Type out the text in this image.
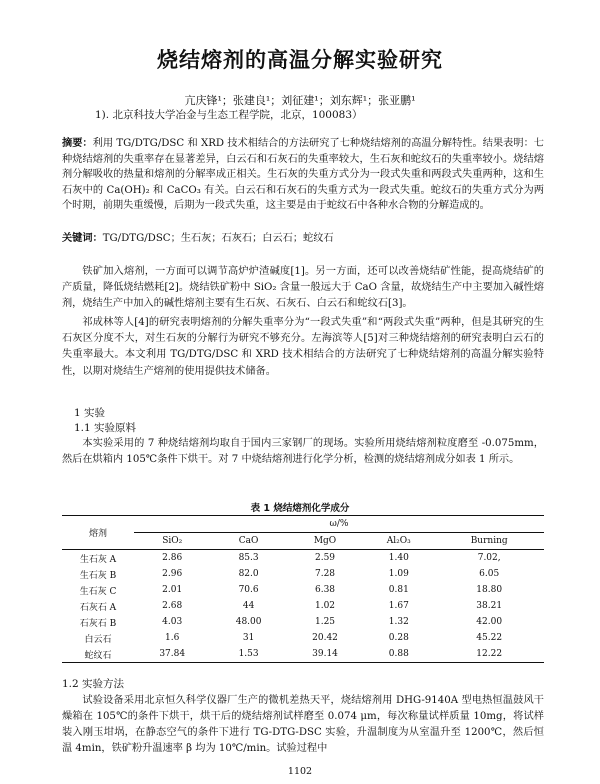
烧结熔剂的高温分解实验研究
亢庆锋¹；张建良¹；刘征建¹；刘东辉¹；张亚鹏¹
1). 北京科技大学冶金与生态工程学院，北京，100083）
摘要：利用 TG/DTG/DSC 和 XRD 技术相结合的方法研究了七种烧结熔剂的高温分解特性。结果表明：七种烧结熔剂的失重率存在显著差异，白云石和石灰石的失重率较大，生石灰和蛇纹石的失重率较小。烧结熔剂分解吸收的热量和熔剂的分解率成正相关。生石灰的失重方式分为一段式失重和两段式失重两种，这和生石灰中的 Ca(OH)₂ 和 CaCO₃ 有关。白云石和石灰石的失重方式为一段式失重。蛇纹石的失重方式分为两个时期，前期失重缓慢，后期为一段式失重，这主要是由于蛇纹石中各种水合物的分解造成的。
关键词：TG/DTG/DSC；生石灰；石灰石；白云石；蛇纹石

铁矿加入熔剂，一方面可以调节高炉炉渣碱度[1]。另一方面，还可以改善烧结矿性能，提高烧结矿的产质量，降低烧结燃耗[2]。烧结铁矿粉中 SiO₂ 含量一般远大于 CaO 含量，故烧结生产中主要加入碱性熔剂，烧结生产中加入的碱性熔剂主要有生石灰、石灰石、白云石和蛇纹石[3]。

祁成林等人[4]的研究表明熔剂的分解失重率分为“一段式失重”和“两段式失重”两种，但是其研究的生石灰区分度不大，对生石灰的分解行为研究不够充分。左海滨等人[5]对三种烧结熔剂的研究表明白云石的失重率最大。本文利用 TG/DTG/DSC 和 XRD 技术相结合的方法研究了七种烧结熔剂的高温分解实验特性，以期对烧结生产熔剂的使用提供技术储备。

1 实验
1.1 实验原料

本实验采用的 7 种烧结熔剂均取自于国内三家钢厂的现场。实验所用烧结熔剂粒度磨至 -0.075mm，然后在烘箱内 105℃条件下烘干。对 7 中烧结熔剂进行化学分析，检测的烧结熔剂成分如表 1 所示。

表 1 烧结熔剂化学成分
熔剂	ω/%				
	SiO₂	CaO	MgO	Al₂O₃	Burning
生石灰 A	2.86	85.3	2.59	1.40	7.02,
生石灰 B	2.96	82.0	7.28	1.09	6.05
生石灰 C	2.01	70.6	6.38	0.81	18.80
石灰石 A	2.68	44	1.02	1.67	38.21
石灰石 B	4.03	48.00	1.25	1.32	42.00
白云石	1.6	31	20.42	0.28	45.22
蛇纹石	37.84	1.53	39.14	0.88	12.22
1.2 实验方法

试验设备采用北京恒久科学仪器厂生产的微机差热天平，烧结熔剂用 DHG-9140A 型电热恒温鼓风干燥箱在 105℃的条件下烘干，烘干后的烧结熔剂试样磨至 0.074 μm，每次称量试样质量 10mg，将试样装入刚玉坩埚，在静态空气的条件下进行 TG-DTG-DSC 实验，升温制度为从室温升至 1200℃，然后恒温 4min，铁矿粉升温速率 β 均为 10℃/min。试验过程中

1102
